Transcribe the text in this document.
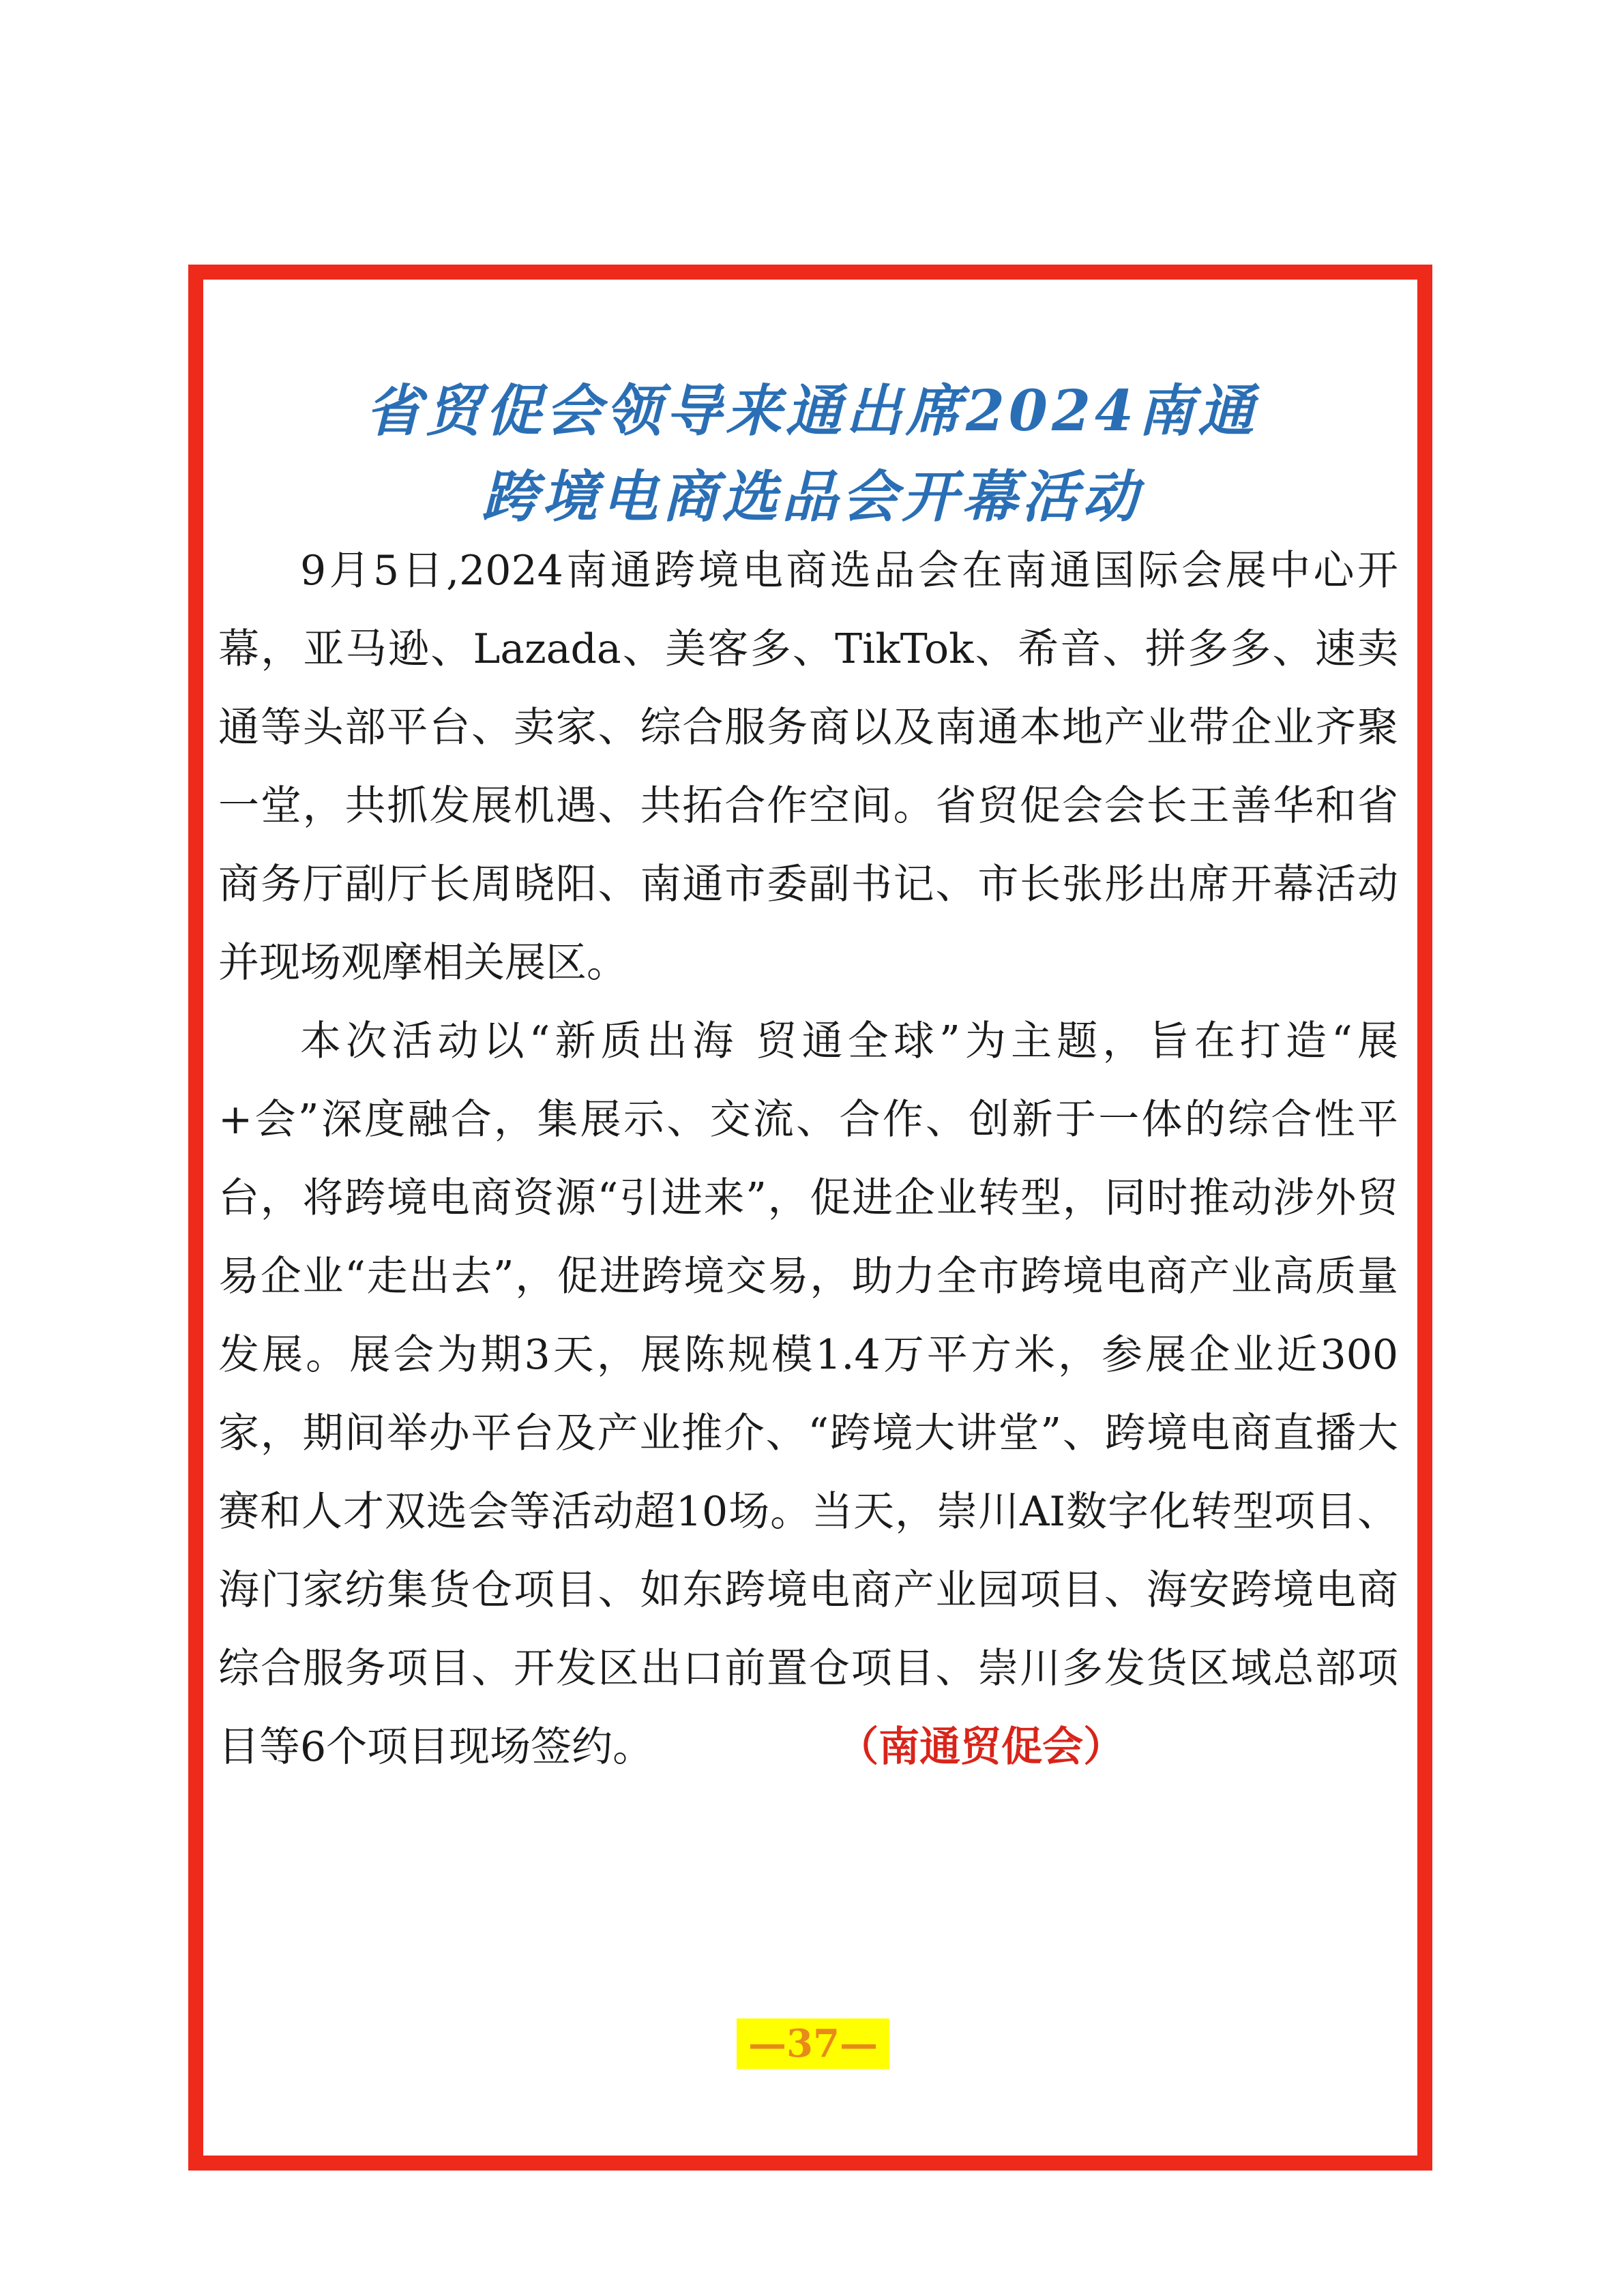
省贸促会领导来通出席2024南通
跨境电商选品会开幕活动

9月5日,2024南通跨境电商选品会在南通国际会展中心开幕，亚马逊、Lazada、美客多、TikTok、希音、拼多多、速卖通等头部平台、卖家、综合服务商以及南通本地产业带企业齐聚一堂，共抓发展机遇、共拓合作空间。省贸促会会长王善华和省商务厅副厅长周晓阳、南通市委副书记、市长张彤出席开幕活动并现场观摩相关展区。

本次活动以“新质出海 贸通全球”为主题，旨在打造“展+会”深度融合，集展示、交流、合作、创新于一体的综合性平台，将跨境电商资源“引进来”，促进企业转型，同时推动涉外贸易企业“走出去”，促进跨境交易，助力全市跨境电商产业高质量发展。展会为期3天，展陈规模1.4万平方米，参展企业近300家，期间举办平台及产业推介、“跨境大讲堂”、跨境电商直播大赛和人才双选会等活动超10场。当天，崇川AI数字化转型项目、海门家纺集货仓项目、如东跨境电商产业园项目、海安跨境电商综合服务项目、开发区出口前置仓项目、崇川多发货区域总部项目等6个项目现场签约。	（南通贸促会）

—37—
